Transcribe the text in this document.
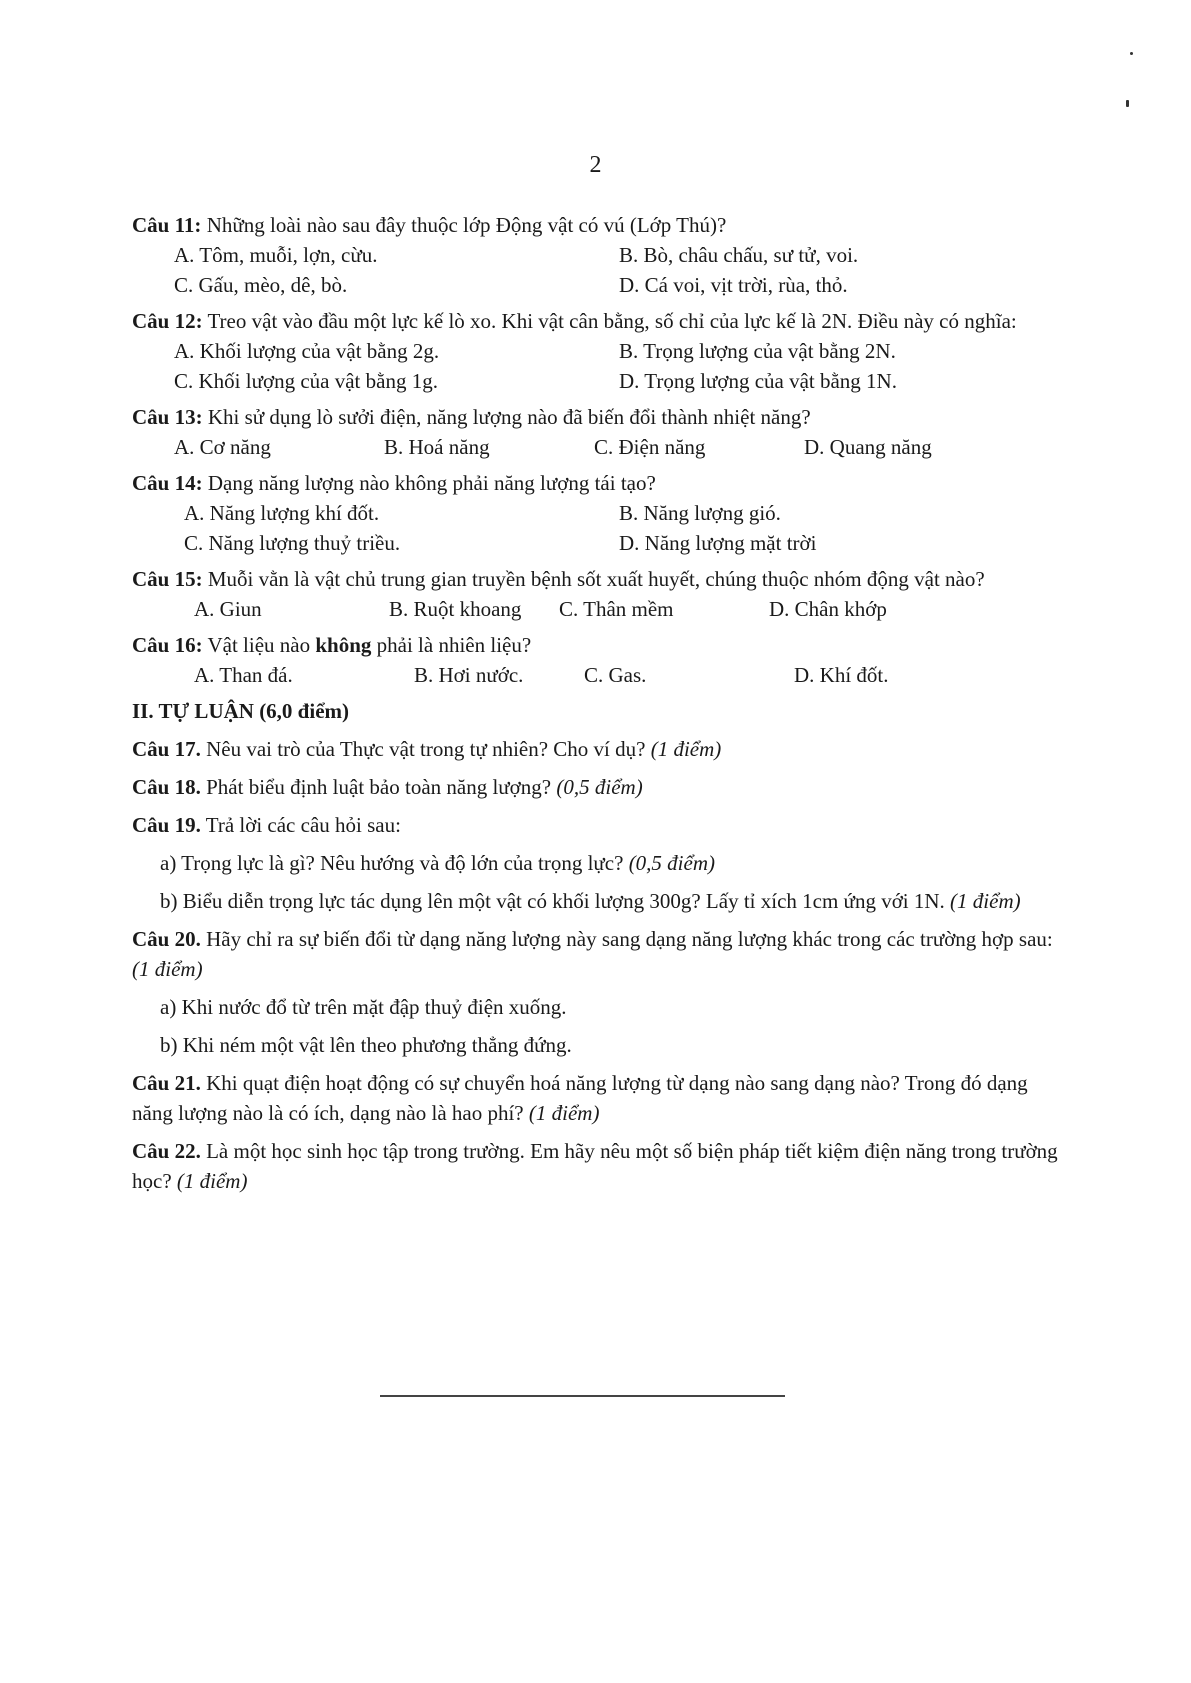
2
Câu 11: Những loài nào sau đây thuộc lớp Động vật có vú (Lớp Thú)?
A. Tôm, muỗi, lợn, cừu.	B. Bò, châu chấu, sư tử, voi.
C. Gấu, mèo, dê, bò.	D. Cá voi, vịt trời, rùa, thỏ.
Câu 12: Treo vật vào đầu một lực kế lò xo. Khi vật cân bằng, số chỉ của lực kế là 2N. Điều này có nghĩa:
A. Khối lượng của vật bằng 2g.	B. Trọng lượng của vật bằng 2N.
C. Khối lượng của vật bằng 1g.	D. Trọng lượng của vật bằng 1N.
Câu 13: Khi sử dụng lò sưởi điện, năng lượng nào đã biến đổi thành nhiệt năng?
A. Cơ năng	B. Hoá năng	C. Điện năng	D. Quang năng
Câu 14: Dạng năng lượng nào không phải năng lượng tái tạo?
A. Năng lượng khí đốt.	B. Năng lượng gió.
C. Năng lượng thuỷ triều.	D. Năng lượng mặt trời
Câu 15: Muỗi vằn là vật chủ trung gian truyền bệnh sốt xuất huyết, chúng thuộc nhóm động vật nào?
A. Giun	B. Ruột khoang	C. Thân mềm	D. Chân khớp
Câu 16: Vật liệu nào không phải là nhiên liệu?
A. Than đá.	B. Hơi nước.	C. Gas.	D. Khí đốt.
II. TỰ LUẬN (6,0 điểm)
Câu 17. Nêu vai trò của Thực vật trong tự nhiên? Cho ví dụ? (1 điểm)
Câu 18. Phát biểu định luật bảo toàn năng lượng? (0,5 điểm)
Câu 19. Trả lời các câu hỏi sau:
a) Trọng lực là gì? Nêu hướng và độ lớn của trọng lực? (0,5 điểm)
b) Biểu diễn trọng lực tác dụng lên một vật có khối lượng 300g? Lấy tỉ xích 1cm ứng với 1N. (1 điểm)
Câu 20. Hãy chỉ ra sự biến đổi từ dạng năng lượng này sang dạng năng lượng khác trong các trường hợp sau: (1 điểm)
a) Khi nước đổ từ trên mặt đập thuỷ điện xuống.
b) Khi ném một vật lên theo phương thẳng đứng.
Câu 21. Khi quạt điện hoạt động có sự chuyển hoá năng lượng từ dạng nào sang dạng nào? Trong đó dạng năng lượng nào là có ích, dạng nào là hao phí? (1 điểm)
Câu 22. Là một học sinh học tập trong trường. Em hãy nêu một số biện pháp tiết kiệm điện năng trong trường học? (1 điểm)
